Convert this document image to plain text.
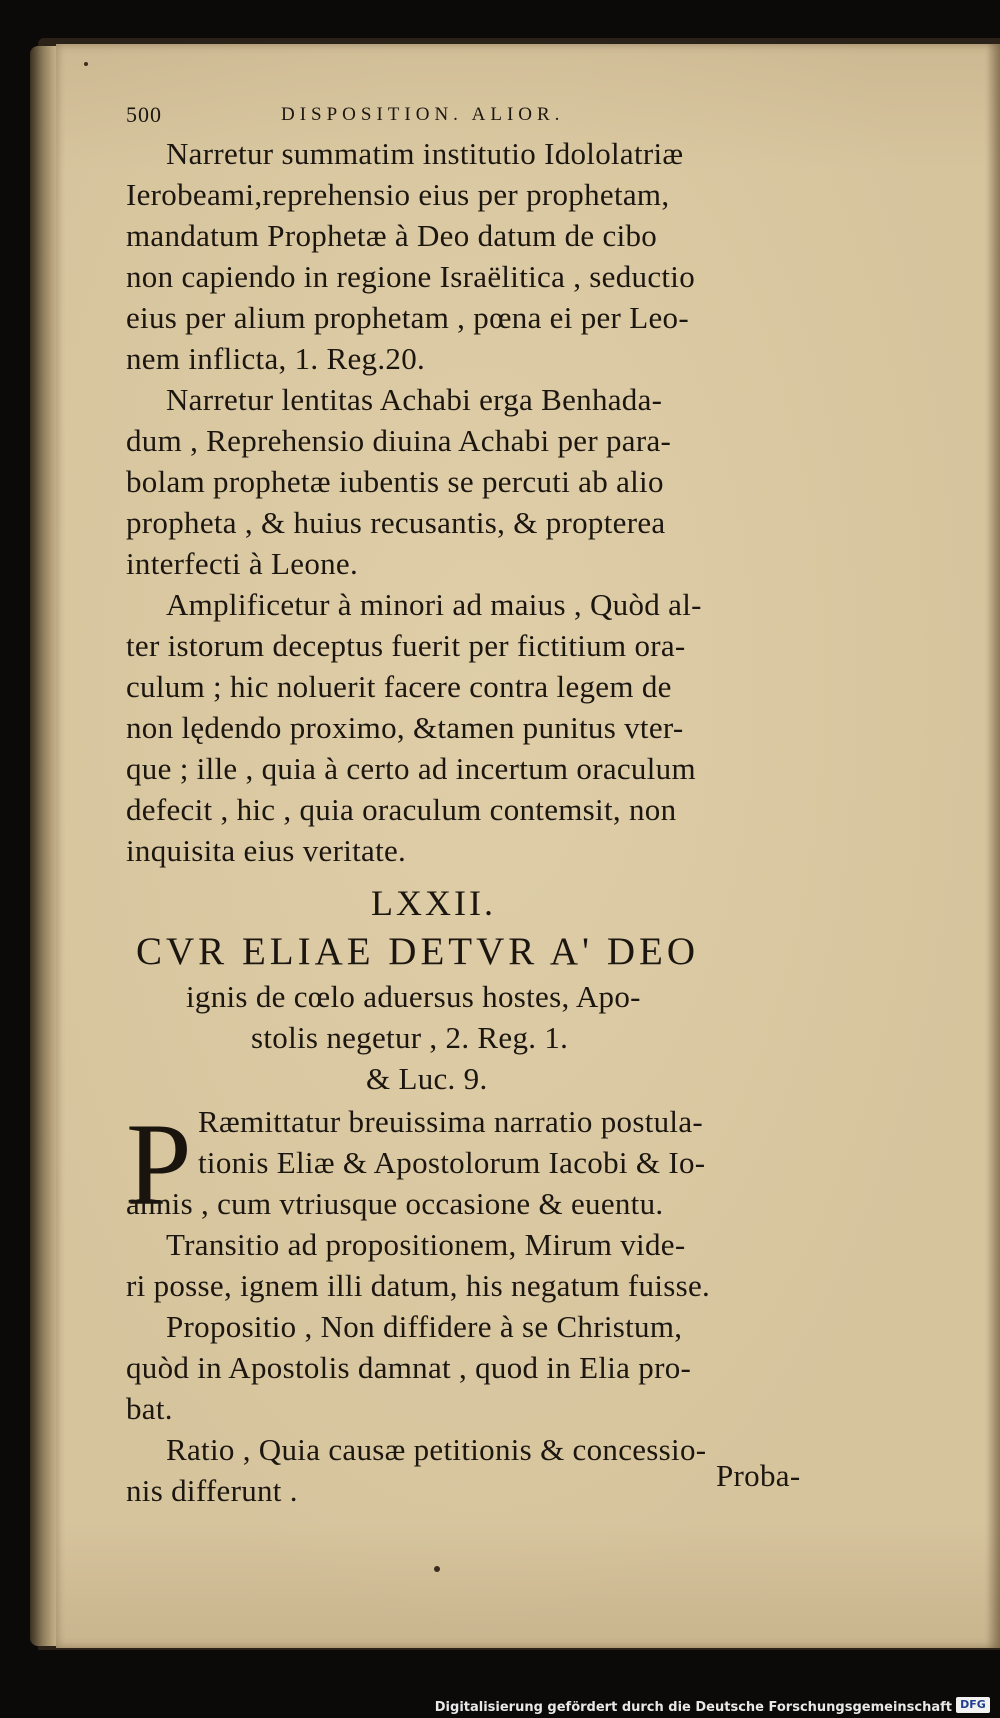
500	DISPOSITION. ALIOR.
Narretur summatim institutio Idololatriæ
Ierobeami,reprehensio eius per prophetam,
mandatum Prophetæ à Deo datum de cibo
non capiendo in regione Israëlitica , seductio
eius per alium prophetam , pœna ei per Leo-
nem inflicta, 1. Reg.20.
Narretur lentitas Achabi erga Benhada-
dum , Reprehensio diuina Achabi per para-
bolam prophetæ iubentis se percuti ab alio
propheta , & huius recusantis, & propterea
interfecti à Leone.
Amplificetur à minori ad maius , Quòd al-
ter istorum deceptus fuerit per fictitium ora-
culum ; hic noluerit facere contra legem de
non lędendo proximo, &tamen punitus vter-
que ; ille , quia à certo ad incertum oraculum
defecit , hic , quia oraculum contemsit, non
inquisita eius veritate.
LXXII.
CVR ELIAE DETVR A' DEO
ignis de cœlo aduersus hostes, Apo-
stolis negetur , 2. Reg. 1.
& Luc. 9.
P Ræmittatur breuissima narratio postula-
tionis Eliæ & Apostolorum Iacobi & Io-
annis , cum vtriusque occasione & euentu.
Transitio ad propositionem, Mirum vide-
ri posse, ignem illi datum, his negatum fuisse.
Propositio , Non diffidere à se Christum,
quòd in Apostolis damnat , quod in Elia pro-
bat.
Ratio , Quia causæ petitionis & concessio-
nis differunt .	Proba-
Digitalisierung gefördert durch die Deutsche Forschungsgemeinschaft DFG
